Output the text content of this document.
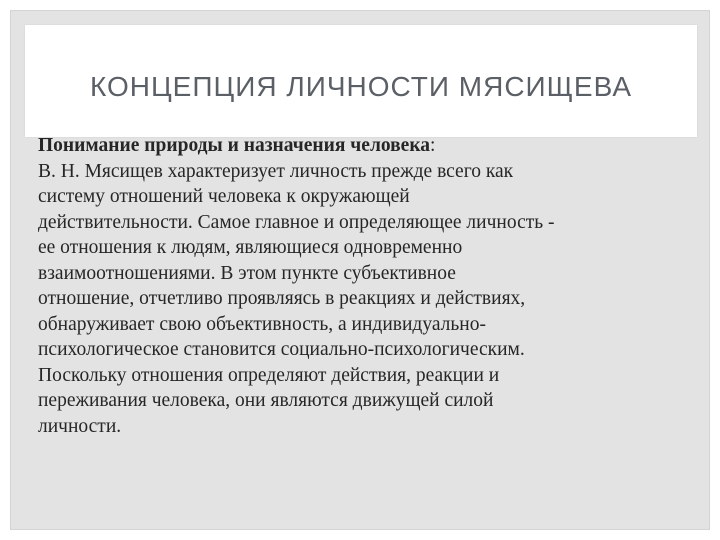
КОНЦЕПЦИЯ ЛИЧНОСТИ МЯСИЩЕВА

Понимание природы и назначения человека:

В. Н. Мясищев характеризует личность прежде всего как

систему отношений человека к окружающей

действительности. Самое главное и определяющее личность -

ее отношения к людям, являющиеся одновременно

взаимоотношениями. В этом пункте субъективное

отношение, отчетливо проявляясь в реакциях и действиях,

обнаруживает свою объективность, а индивидуально-

психологическое становится социально-психологическим.

Поскольку отношения определяют действия, реакции и

переживания человека, они являются движущей силой

личности.
